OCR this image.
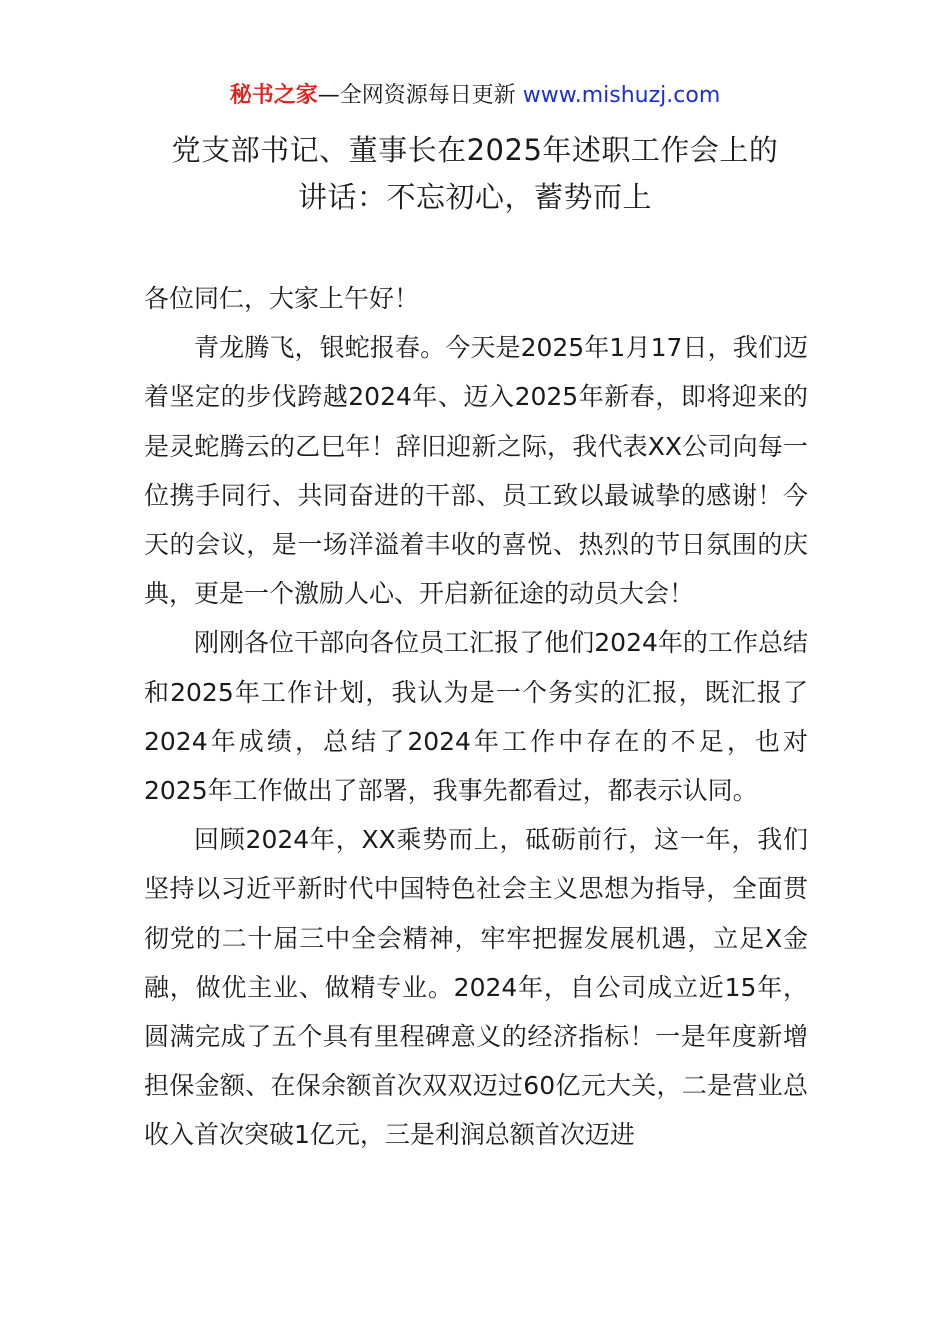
秘书之家—全网资源每日更新 www.mishuzj.com
党支部书记、董事长在2025年述职工作会上的
讲话：不忘初心，蓄势而上

各位同仁，大家上午好！

青龙腾飞，银蛇报春。今天是2025年1月17日，我们迈着坚定的步伐跨越2024年、迈入2025年新春，即将迎来的是灵蛇腾云的乙巳年！辞旧迎新之际，我代表XX公司向每一位携手同行、共同奋进的干部、员工致以最诚挚的感谢！今天的会议，是一场洋溢着丰收的喜悦、热烈的节日氛围的庆典，更是一个激励人心、开启新征途的动员大会！

刚刚各位干部向各位员工汇报了他们2024年的工作总结和2025年工作计划，我认为是一个务实的汇报，既汇报了2024年成绩，总结了2024年工作中存在的不足，也对2025年工作做出了部署，我事先都看过，都表示认同。

回顾2024年，XX乘势而上，砥砺前行，这一年，我们坚持以习近平新时代中国特色社会主义思想为指导，全面贯彻党的二十届三中全会精神，牢牢把握发展机遇，立足X金融，做优主业、做精专业。2024年，自公司成立近15年，圆满完成了五个具有里程碑意义的经济指标！一是年度新增担保金额、在保余额首次双双迈过60亿元大关，二是营业总收入首次突破1亿元，三是利润总额首次迈进
